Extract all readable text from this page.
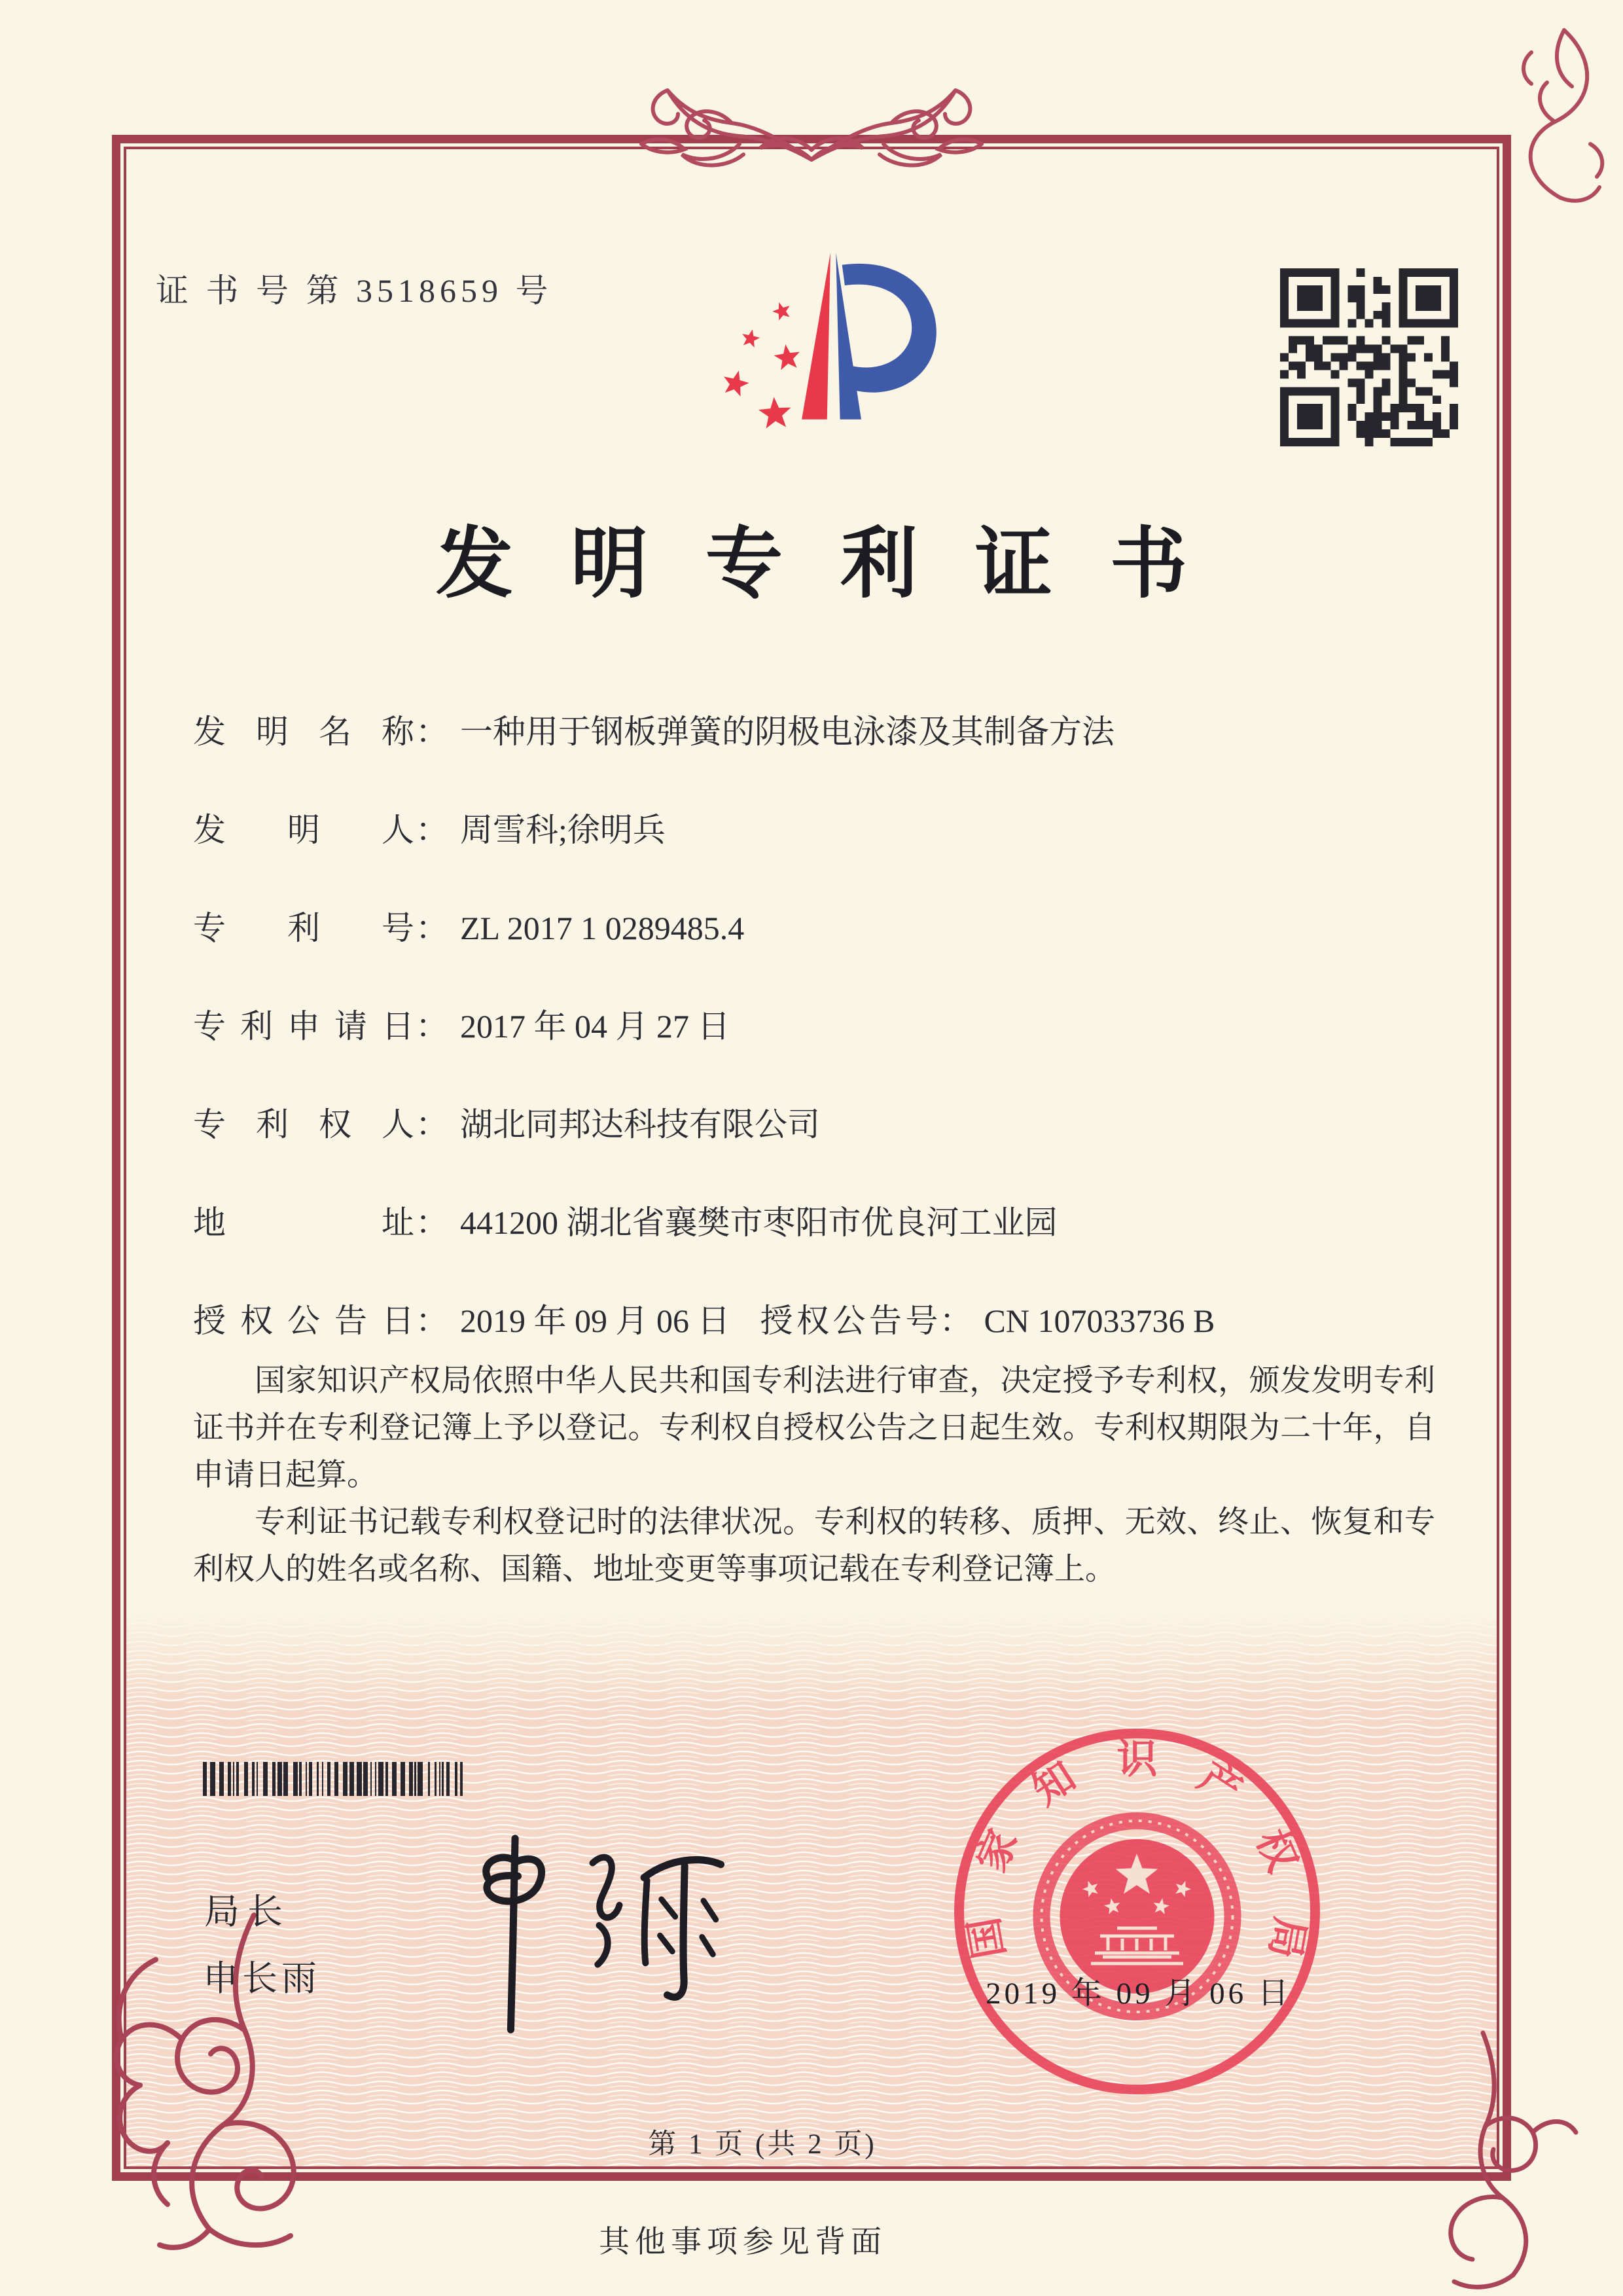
证 书 号 第 3518659 号
发明专利证书
发明名称 ： 一种用于钢板弹簧的阴极电泳漆及其制备方法
发明人 ： 周雪科;徐明兵
专利号 ： ZL 2017 1 0289485.4
专利申请日 ： 2017 年 04 月 27 日
专利权人 ： 湖北同邦达科技有限公司
地址 ： 441200 湖北省襄樊市枣阳市优良河工业园
授权公告日 ： 2019 年 09 月 06 日 授权公告号 ： CN 107033736 B

国家知识产权局依照中华人民共和国专利法进行审查，决定授予专利权，颁发发明专利证书并在专利登记簿上予以登记。专利权自授权公告之日起生效。专利权期限为二十年，自申请日起算。

专利证书记载专利权登记时的法律状况。专利权的转移、质押、无效、终止、恢复和专利权人的姓名或名称、国籍、地址变更等事项记载在专利登记簿上。

局长
申长雨
国
家
知 识 产
权
局
2019 年 09 月 06 日
第 1 页 (共 2 页)
其他事项参见背面
